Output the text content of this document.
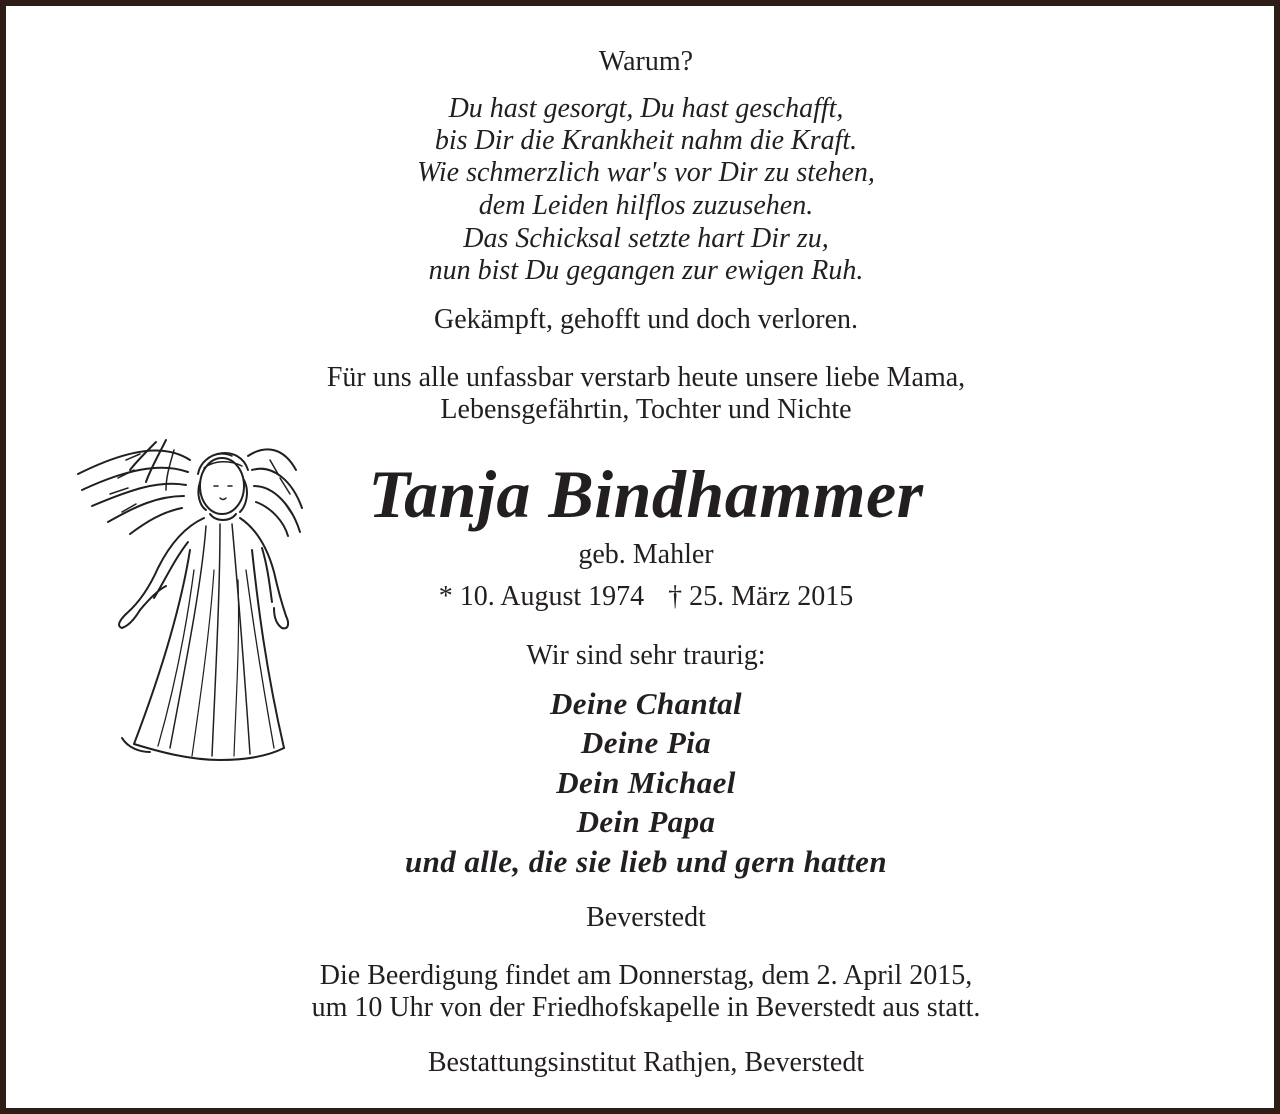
Warum?
Du hast gesorgt, Du hast geschafft,
bis Dir die Krankheit nahm die Kraft.
Wie schmerzlich war's vor Dir zu stehen,
dem Leiden hilflos zuzusehen.
Das Schicksal setzte hart Dir zu,
nun bist Du gegangen zur ewigen Ruh.
Gekämpft, gehofft und doch verloren.
Für uns alle unfassbar verstarb heute unsere liebe Mama,
Lebensgefährtin, Tochter und Nichte
Tanja Bindhammer
geb. Mahler
* 10. August 1974 † 25. März 2015
Wir sind sehr traurig:
Deine Chantal
Deine Pia
Dein Michael
Dein Papa
und alle, die sie lieb und gern hatten
Beverstedt
Die Beerdigung findet am Donnerstag, dem 2. April 2015,
um 10 Uhr von der Friedhofskapelle in Beverstedt aus statt.
Bestattungsinstitut Rathjen, Beverstedt
